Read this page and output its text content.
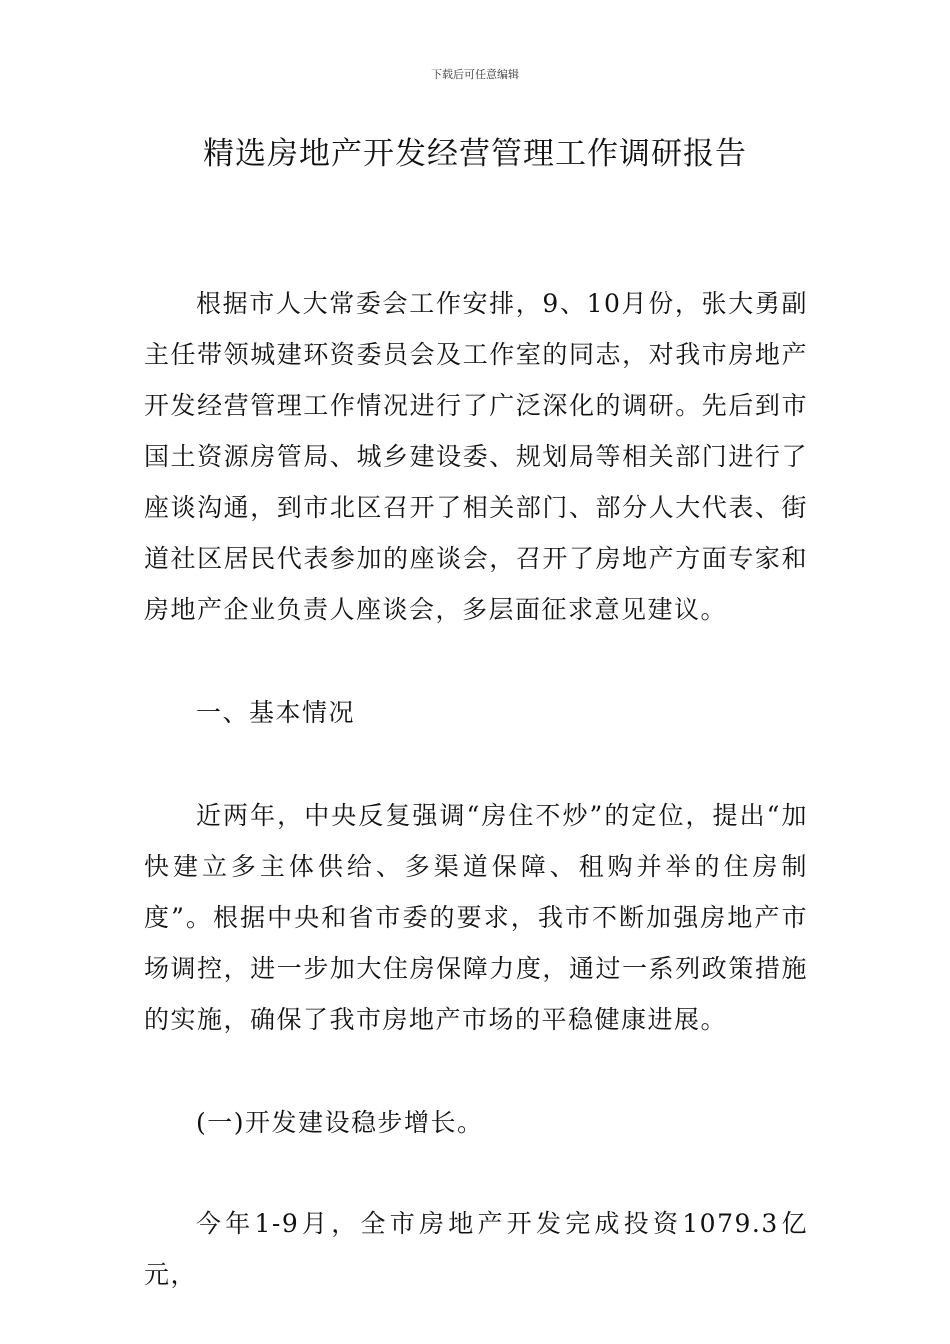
下载后可任意编辑
精选房地产开发经营管理工作调研报告

根据市人大常委会工作安排，9、10月份，张大勇副主任带领城建环资委员会及工作室的同志，对我市房地产开发经营管理工作情况进行了广泛深化的调研。先后到市国土资源房管局、城乡建设委、规划局等相关部门进行了座谈沟通，到市北区召开了相关部门、部分人大代表、街道社区居民代表参加的座谈会，召开了房地产方面专家和房地产企业负责人座谈会，多层面征求意见建议。

一、基本情况

近两年，中央反复强调“房住不炒”的定位，提出“加快建立多主体供给、多渠道保障、租购并举的住房制度”。根据中央和省市委的要求，我市不断加强房地产市场调控，进一步加大住房保障力度，通过一系列政策措施的实施，确保了我市房地产市场的平稳健康进展。

(一)开发建设稳步增长。

今年1-9月，全市房地产开发完成投资1079.3亿元，
